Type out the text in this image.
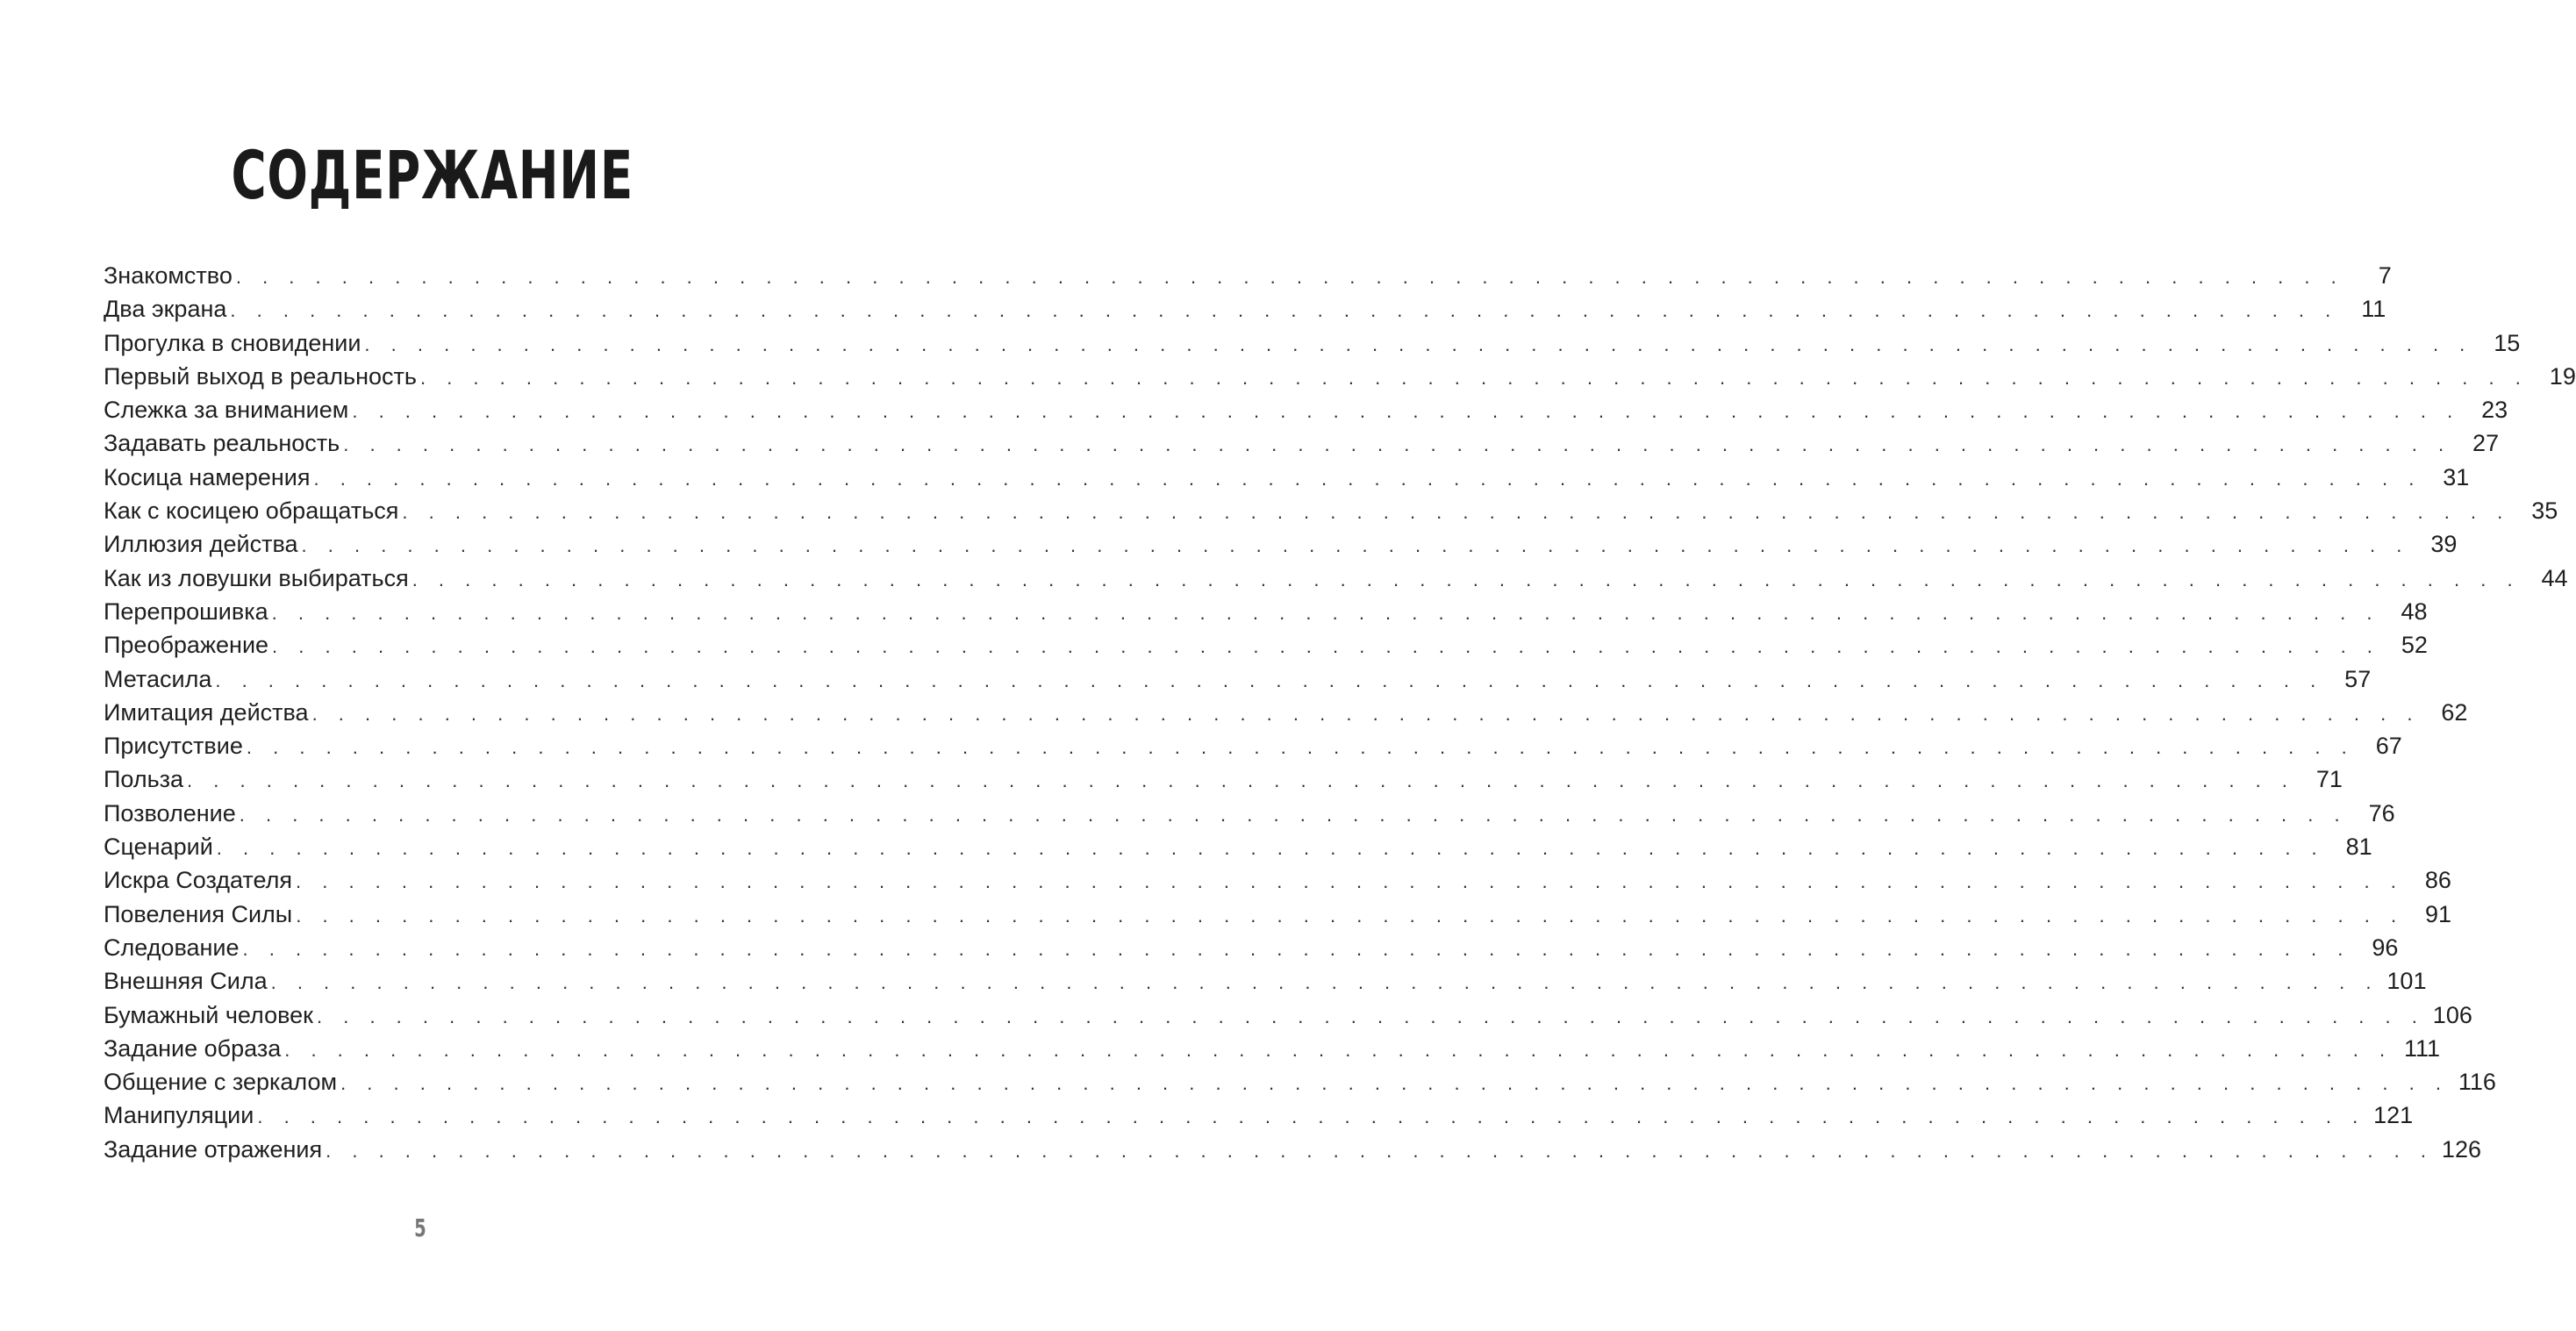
СОДЕРЖАНИЕ
Знакомство . . . . . . . . . . . . . . . . . . . . . . . . . . . . . . . . . . . . . . . . . . . . . . . . . . . . . . . . . . . . . . . . . . . . . . . . . . . . . . . .	7
Два экрана . . . . . . . . . . . . . . . . . . . . . . . . . . . . . . . . . . . . . . . . . . . . . . . . . . . . . . . . . . . . . . . . . . . . . . . . . . . . . . . . 11
Прогулка в сновидении . . . . . . . . . . . . . . . . . . . . . . . . . . . . . . . . . . . . . . . . . . . . . . . . . . . . . . . . . . . . . . . . . . . . . . . . . . . . . . . . 15
Первый выход в реальность . . . . . . . . . . . . . . . . . . . . . . . . . . . . . . . . . . . . . . . . . . . . . . . . . . . . . . . . . . . . . . . . . . . . . . . . . . . . . . . . 19
Слежка за вниманием . . . . . . . . . . . . . . . . . . . . . . . . . . . . . . . . . . . . . . . . . . . . . . . . . . . . . . . . . . . . . . . . . . . . . . . . . . . . . . . . 23
Задавать реальность . . . . . . . . . . . . . . . . . . . . . . . . . . . . . . . . . . . . . . . . . . . . . . . . . . . . . . . . . . . . . . . . . . . . . . . . . . . . . . . . 27
Косица намерения . . . . . . . . . . . . . . . . . . . . . . . . . . . . . . . . . . . . . . . . . . . . . . . . . . . . . . . . . . . . . . . . . . . . . . . . . . . . . . . . 31
Как с косицею обращаться . . . . . . . . . . . . . . . . . . . . . . . . . . . . . . . . . . . . . . . . . . . . . . . . . . . . . . . . . . . . . . . . . . . . . . . . . . . . . . . . 35
Иллюзия действа . . . . . . . . . . . . . . . . . . . . . . . . . . . . . . . . . . . . . . . . . . . . . . . . . . . . . . . . . . . . . . . . . . . . . . . . . . . . . . . . 39
Как из ловушки выбираться . . . . . . . . . . . . . . . . . . . . . . . . . . . . . . . . . . . . . . . . . . . . . . . . . . . . . . . . . . . . . . . . . . . . . . . . . . . . . . . . 44
Перепрошивка . . . . . . . . . . . . . . . . . . . . . . . . . . . . . . . . . . . . . . . . . . . . . . . . . . . . . . . . . . . . . . . . . . . . . . . . . . . . . . . . 48
Преображение . . . . . . . . . . . . . . . . . . . . . . . . . . . . . . . . . . . . . . . . . . . . . . . . . . . . . . . . . . . . . . . . . . . . . . . . . . . . . . . . 52
Метасила . . . . . . . . . . . . . . . . . . . . . . . . . . . . . . . . . . . . . . . . . . . . . . . . . . . . . . . . . . . . . . . . . . . . . . . . . . . . . . . . 57
Имитация действа . . . . . . . . . . . . . . . . . . . . . . . . . . . . . . . . . . . . . . . . . . . . . . . . . . . . . . . . . . . . . . . . . . . . . . . . . . . . . . . . 62
Присутствие . . . . . . . . . . . . . . . . . . . . . . . . . . . . . . . . . . . . . . . . . . . . . . . . . . . . . . . . . . . . . . . . . . . . . . . . . . . . . . . . 67
Польза . . . . . . . . . . . . . . . . . . . . . . . . . . . . . . . . . . . . . . . . . . . . . . . . . . . . . . . . . . . . . . . . . . . . . . . . . . . . . . . . 71
Позволение . . . . . . . . . . . . . . . . . . . . . . . . . . . . . . . . . . . . . . . . . . . . . . . . . . . . . . . . . . . . . . . . . . . . . . . . . . . . . . . . 76
Сценарий . . . . . . . . . . . . . . . . . . . . . . . . . . . . . . . . . . . . . . . . . . . . . . . . . . . . . . . . . . . . . . . . . . . . . . . . . . . . . . . . 81
Искра Создателя . . . . . . . . . . . . . . . . . . . . . . . . . . . . . . . . . . . . . . . . . . . . . . . . . . . . . . . . . . . . . . . . . . . . . . . . . . . . . . . . 86
Повеления Силы . . . . . . . . . . . . . . . . . . . . . . . . . . . . . . . . . . . . . . . . . . . . . . . . . . . . . . . . . . . . . . . . . . . . . . . . . . . . . . . . 91
Следование . . . . . . . . . . . . . . . . . . . . . . . . . . . . . . . . . . . . . . . . . . . . . . . . . . . . . . . . . . . . . . . . . . . . . . . . . . . . . . . . 96
Внешняя Сила . . . . . . . . . . . . . . . . . . . . . . . . . . . . . . . . . . . . . . . . . . . . . . . . . . . . . . . . . . . . . . . . . . . . . . . . . . . . . . . . 101
Бумажный человек . . . . . . . . . . . . . . . . . . . . . . . . . . . . . . . . . . . . . . . . . . . . . . . . . . . . . . . . . . . . . . . . . . . . . . . . . . . . . . . . 106
Задание образа . . . . . . . . . . . . . . . . . . . . . . . . . . . . . . . . . . . . . . . . . . . . . . . . . . . . . . . . . . . . . . . . . . . . . . . . . . . . . . . . 111
Общение с зеркалом . . . . . . . . . . . . . . . . . . . . . . . . . . . . . . . . . . . . . . . . . . . . . . . . . . . . . . . . . . . . . . . . . . . . . . . . . . . . . . . . 116
Манипуляции . . . . . . . . . . . . . . . . . . . . . . . . . . . . . . . . . . . . . . . . . . . . . . . . . . . . . . . . . . . . . . . . . . . . . . . . . . . . . . . . 121
Задание отражения . . . . . . . . . . . . . . . . . . . . . . . . . . . . . . . . . . . . . . . . . . . . . . . . . . . . . . . . . . . . . . . . . . . . . . . . . . . . . . . . 126
5
